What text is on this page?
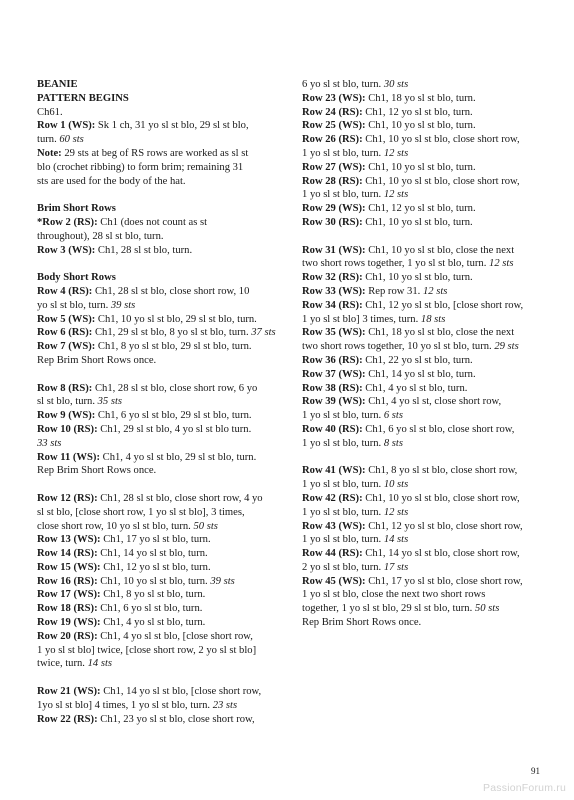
BEANIE
PATTERN BEGINS
Ch61.
Row 1 (WS): Sk 1 ch, 31 yo sl st blo, 29 sl st blo,
turn. 60 sts
Note: 29 sts at beg of RS rows are worked as sl st
blo (crochet ribbing) to form brim; remaining 31
sts are used for the body of the hat.

Brim Short Rows
*Row 2 (RS): Ch1 (does not count as st
throughout), 28 sl st blo, turn.
Row 3 (WS): Ch1, 28 sl st blo, turn.

Body Short Rows
Row 4 (RS): Ch1, 28 sl st blo, close short row, 10
yo sl st blo, turn. 39 sts
Row 5 (WS): Ch1, 10 yo sl st blo, 29 sl st blo, turn.
Row 6 (RS): Ch1, 29 sl st blo, 8 yo sl st blo, turn. 37 sts
Row 7 (WS): Ch1, 8 yo sl st blo, 29 sl st blo, turn.
Rep Brim Short Rows once.

Row 8 (RS): Ch1, 28 sl st blo, close short row, 6 yo
sl st blo, turn. 35 sts
Row 9 (WS): Ch1, 6 yo sl st blo, 29 sl st blo, turn.
Row 10 (RS): Ch1, 29 sl st blo, 4 yo sl st blo turn.
33 sts
Row 11 (WS): Ch1, 4 yo sl st blo, 29 sl st blo, turn.
Rep Brim Short Rows once.

Row 12 (RS): Ch1, 28 sl st blo, close short row, 4 yo
sl st blo, [close short row, 1 yo sl st blo], 3 times,
close short row, 10 yo sl st blo, turn. 50 sts
Row 13 (WS): Ch1, 17 yo sl st blo, turn.
Row 14 (RS): Ch1, 14 yo sl st blo, turn.
Row 15 (WS): Ch1, 12 yo sl st blo, turn.
Row 16 (RS): Ch1, 10 yo sl st blo, turn. 39 sts
Row 17 (WS): Ch1, 8 yo sl st blo, turn.
Row 18 (RS): Ch1, 6 yo sl st blo, turn.
Row 19 (WS): Ch1, 4 yo sl st blo, turn.
Row 20 (RS): Ch1, 4 yo sl st blo, [close short row,
1 yo sl st blo] twice, [close short row, 2 yo sl st blo]
twice, turn. 14 sts

Row 21 (WS): Ch1, 14 yo sl st blo, [close short row,
1yo sl st blo] 4 times, 1 yo sl st blo, turn. 23 sts
Row 22 (RS): Ch1, 23 yo sl st blo, close short row,

6 yo sl st blo, turn. 30 sts
Row 23 (WS): Ch1, 18 yo sl st blo, turn.
Row 24 (RS): Ch1, 12 yo sl st blo, turn.
Row 25 (WS): Ch1, 10 yo sl st blo, turn.
Row 26 (RS): Ch1, 10 yo sl st blo, close short row,
1 yo sl st blo, turn. 12 sts
Row 27 (WS): Ch1, 10 yo sl st blo, turn.
Row 28 (RS): Ch1, 10 yo sl st blo, close short row,
1 yo sl st blo, turn. 12 sts
Row 29 (WS): Ch1, 12 yo sl st blo, turn.
Row 30 (RS): Ch1, 10 yo sl st blo, turn.

Row 31 (WS): Ch1, 10 yo sl st blo, close the next
two short rows together, 1 yo sl st blo, turn. 12 sts
Row 32 (RS): Ch1, 10 yo sl st blo, turn.
Row 33 (WS): Rep row 31. 12 sts
Row 34 (RS): Ch1, 12 yo sl st blo, [close short row,
1 yo sl st blo] 3 times, turn. 18 sts
Row 35 (WS): Ch1, 18 yo sl st blo, close the next
two short rows together, 10 yo sl st blo, turn. 29 sts
Row 36 (RS): Ch1, 22 yo sl st blo, turn.
Row 37 (WS): Ch1, 14 yo sl st blo, turn.
Row 38 (RS): Ch1, 4 yo sl st blo, turn.
Row 39 (WS): Ch1, 4 yo sl st, close short row,
1 yo sl st blo, turn. 6 sts
Row 40 (RS): Ch1, 6 yo sl st blo, close short row,
1 yo sl st blo, turn. 8 sts

Row 41 (WS): Ch1, 8 yo sl st blo, close short row,
1 yo sl st blo, turn. 10 sts
Row 42 (RS): Ch1, 10 yo sl st blo, close short row,
1 yo sl st blo, turn. 12 sts
Row 43 (WS): Ch1, 12 yo sl st blo, close short row,
1 yo sl st blo, turn. 14 sts
Row 44 (RS): Ch1, 14 yo sl st blo, close short row,
2 yo sl st blo, turn. 17 sts
Row 45 (WS): Ch1, 17 yo sl st blo, close short row,
1 yo sl st blo, close the next two short rows
together, 1 yo sl st blo, 29 sl st blo, turn. 50 sts
Rep Brim Short Rows once.

91
PassionForum.ru
